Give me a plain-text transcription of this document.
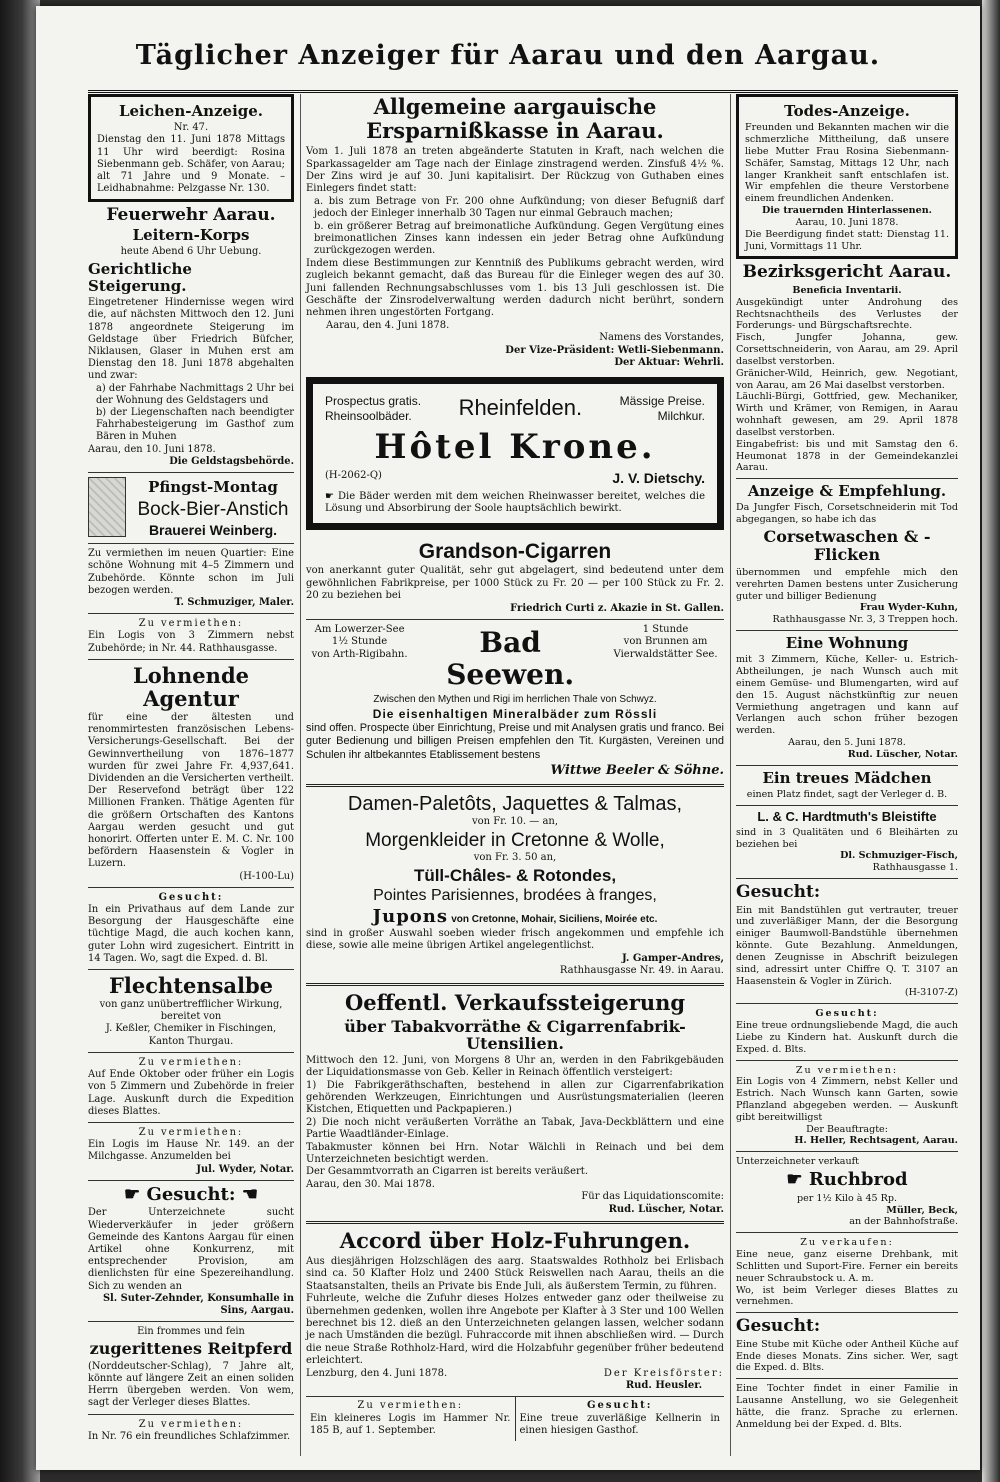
Täglicher Anzeiger für Aarau und den Aargau.
Leichen-Anzeige.

Nr. 47.

Dienstag den 11. Juni 1878 Mittags 11 Uhr wird beerdigt: Rosina Siebenmann geb. Schäfer, von Aarau; alt 71 Jahre und 9 Monate. – Leidhabnahme: Pelzgasse Nr. 130.

Feuerwehr Aarau.
Leitern-Korps

heute Abend 6 Uhr Uebung.

Gerichtliche Steigerung.

Eingetretener Hindernisse wegen wird die, auf nächsten Mittwoch den 12. Juni 1878 angeordnete Steigerung im Geldstage über Friedrich Büfcher, Niklausen, Glaser in Muhen erst am Dienstag den 18. Juni 1878 abgehalten und zwar:

a) der Fahrhabe Nachmittags 2 Uhr bei der Wohnung des Geldstagers und

b) der Liegenschaften nach beendigter Fahrhabesteigerung im Gasthof zum Bären in Muhen

Aarau, den 10. Juni 1878.

Die Geldstagsbehörde.

Pfingst-Montag
Bock-Bier-Anstich
Brauerei Weinberg.

Zu vermiethen im neuen Quartier: Eine schöne Wohnung mit 4–5 Zimmern und Zubehörde. Könnte schon im Juli bezogen werden.

T. Schmuziger, Maler.

Zu vermiethen:

Ein Logis von 3 Zimmern nebst Zubehörde; in Nr. 44. Rathhausgasse.

Lohnende Agentur

für eine der ältesten und renommirtesten französischen Lebens-Versicherungs-Gesellschaft. Bei der Gewinnvertheilung von 1876–1877 wurden für zwei Jahre Fr. 4,937,641. Dividenden an die Versicherten vertheilt. Der Reservefond beträgt über 122 Millionen Franken. Thätige Agenten für die größern Ortschaften des Kantons Aargau werden gesucht und gut honorirt. Offerten unter E. M. C. Nr. 100 befördern Haasenstein & Vogler in Luzern.

(H-100-Lu)

Gesucht:

In ein Privathaus auf dem Lande zur Besorgung der Hausgeschäfte eine tüchtige Magd, die auch kochen kann, guter Lohn wird zugesichert. Eintritt in 14 Tagen. Wo, sagt die Exped. d. Bl.

Flechtensalbe

von ganz unübertrefflicher Wirkung, bereitet von

J. Keßler, Chemiker in Fischingen, Kanton Thurgau.

Zu vermiethen:

Auf Ende Oktober oder früher ein Logis von 5 Zimmern und Zubehörde in freier Lage. Auskunft durch die Expedition dieses Blattes.

Zu vermiethen:

Ein Logis im Hause Nr. 149. an der Milchgasse. Anzumelden bei

Jul. Wyder, Notar.

☛ Gesucht: ☚

Der Unterzeichnete sucht Wiederverkäufer in jeder größern Gemeinde des Kantons Aargau für einen Artikel ohne Konkurrenz, mit entsprechender Provision, am dienlichsten für eine Spezereihandlung. Sich zu wenden an

Sl. Suter-Zehnder, Konsumhalle in Sins, Aargau.

Ein frommes und fein

zugerittenes Reitpferd

(Norddeutscher-Schlag), 7 Jahre alt, könnte auf längere Zeit an einen soliden Herrn übergeben werden. Von wem, sagt der Verleger dieses Blattes.

Zu vermiethen:

In Nr. 76 ein freundliches Schlafzimmer.

Allgemeine aargauische Ersparnißkasse in Aarau.

Vom 1. Juli 1878 an treten abgeänderte Statuten in Kraft, nach welchen die Sparkassagelder am Tage nach der Einlage zinstragend werden. Zinsfuß 4½ %. Der Zins wird je auf 30. Juni kapitalisirt. Der Rückzug von Guthaben eines Einlegers findet statt:

a. bis zum Betrage von Fr. 200 ohne Aufkündung; von dieser Befugniß darf jedoch der Einleger innerhalb 30 Tagen nur einmal Gebrauch machen;

b. ein größerer Betrag auf breimonatliche Aufkündung. Gegen Vergütung eines breimonatlichen Zinses kann indessen ein jeder Betrag ohne Aufkündung zurückgezogen werden.

Indem diese Bestimmungen zur Kenntniß des Publikums gebracht werden, wird zugleich bekannt gemacht, daß das Bureau für die Einleger wegen des auf 30. Juni fallenden Rechnungsabschlusses vom 1. bis 13 Juli geschlossen ist. Die Geschäfte der Zinsrodelverwaltung werden dadurch nicht berührt, sondern nehmen ihren ungestörten Fortgang.

Aarau, den 4. Juni 1878.

Namens des Vorstandes,

Der Vize-Präsident: Wetli-Siebenmann.

Der Aktuar: Wehrli.

Prospectus gratis.
Rheinsoolbäder.	Rheinfelden.	Mässige Preise.
Milchkur.
Hôtel Krone.
(H-2062-Q)	J. V. Dietschy.

☛ Die Bäder werden mit dem weichen Rheinwasser bereitet, welches die Lösung und Absorbirung der Soole hauptsächlich bewirkt.

Grandson-Cigarren

von anerkannt guter Qualität, sehr gut abgelagert, sind bedeutend unter dem gewöhnlichen Fabrikpreise, per 1000 Stück zu Fr. 20 — per 100 Stück zu Fr. 2. 20 zu beziehen bei

Friedrich Curti z. Akazie in St. Gallen.

Am Lowerzer-See
1½ Stunde
von Arth-Rigibahn.	Bad Seewen.
1 Stunde
von Brunnen am
Vierwaldstätter See.

Zwischen den Mythen und Rigi im herrlichen Thale von Schwyz.

Die eisenhaltigen Mineralbäder zum Rössli

sind offen. Prospecte über Einrichtung, Preise und mit Analysen gratis und franco. Bei guter Bedienung und billigen Preisen empfehlen den Tit. Kurgästen, Vereinen und Schulen ihr altbekanntes Etablissement bestens

Wittwe Beeler & Söhne.

Damen-Paletôts, Jaquettes & Talmas,

von Fr. 10. — an,

Morgenkleider in Cretonne & Wolle,

von Fr. 3. 50 an,

Tüll-Châles- & Rotondes,
Pointes Parisiennes, brodées à franges,

Jupons von Cretonne, Mohair, Siciliens, Moirée etc.

sind in großer Auswahl soeben wieder frisch angekommen und empfehle ich diese, sowie alle meine übrigen Artikel angelegentlichst.

J. Gamper-Andres,

Rathhausgasse Nr. 49. in Aarau.

Oeffentl. Verkaufssteigerung
über Tabakvorräthe & Cigarrenfabrik-Utensilien.

Mittwoch den 12. Juni, von Morgens 8 Uhr an, werden in den Fabrikgebäuden der Liquidationsmasse von Geb. Keller in Reinach öffentlich versteigert:

1) Die Fabrikgeräthschaften, bestehend in allen zur Cigarrenfabrikation gehörenden Werkzeugen, Einrichtungen und Ausrüstungsmaterialien (leeren Kistchen, Etiquetten und Packpapieren.)

2) Die noch nicht veräußerten Vorräthe an Tabak, Java-Deckblättern und eine Partie Waadtländer-Einlage.

Tabakmuster können bei Hrn. Notar Wälchli in Reinach und bei dem Unterzeichneten besichtigt werden.

Der Gesammtvorrath an Cigarren ist bereits veräußert.

Aarau, den 30. Mai 1878.

Für das Liquidationscomite:

Rud. Lüscher, Notar.

Accord über Holz-Fuhrungen.

Aus diesjährigen Holzschlägen des aarg. Staatswaldes Rothholz bei Erlisbach sind ca. 50 Klafter Holz und 2400 Stück Reiswellen nach Aarau, theils an die Staatsanstalten, theils an Private bis Ende Juli, als äußerstem Termin, zu führen.

Fuhrleute, welche die Zufuhr dieses Holzes entweder ganz oder theilweise zu übernehmen gedenken, wollen ihre Angebote per Klafter à 3 Ster und 100 Wellen berechnet bis 12. dieß an den Unterzeichneten gelangen lassen, welcher sodann je nach Umständen die bezügl. Fuhraccorde mit ihnen abschließen wird. — Durch die neue Straße Rothholz-Hard, wird die Holzabfuhr gegenüber früher bedeutend erleichtert.

Lenzburg, den 4. Juni 1878.	Der Kreisförster:
Rud. Heusler.

Zu vermiethen:

Ein kleineres Logis im Hammer Nr. 185 B, auf 1. September.

Gesucht:

Eine treue zuverläßige Kellnerin in einen hiesigen Gasthof.

Todes-Anzeige.

Freunden und Bekannten machen wir die schmerzliche Mittheilung, daß unsere liebe Mutter Frau Rosina Siebenmann-Schäfer, Samstag, Mittags 12 Uhr, nach langer Krankheit sanft entschlafen ist. Wir empfehlen die theure Verstorbene einem freundlichen Andenken.

Die trauernden Hinterlassenen.

Aarau, 10. Juni 1878.

Die Beerdigung findet statt: Dienstag 11. Juni, Vormittags 11 Uhr.

Bezirksgericht Aarau.

Beneficia Inventarii.

Ausgekündigt unter Androhung des Rechtsnachtheils des Verlustes der Forderungs- und Bürgschaftsrechte.

Fisch, Jungfer Johanna, gew. Corsettschneiderin, von Aarau, am 29. April daselbst verstorben.

Gränicher-Wild, Heinrich, gew. Negotiant, von Aarau, am 26 Mai daselbst verstorben.

Läuchli-Bürgi, Gottfried, gew. Mechaniker, Wirth und Krämer, von Remigen, in Aarau wohnhaft gewesen, am 29. April 1878 daselbst verstorben.

Eingabefrist: bis und mit Samstag den 6. Heumonat 1878 in der Gemeindekanzlei Aarau.

Anzeige & Empfehlung.

Da Jungfer Fisch, Corsetschneiderin mit Tod abgegangen, so habe ich das

Corsetwaschen & -Flicken

übernommen und empfehle mich den verehrten Damen bestens unter Zusicherung guter und billiger Bedienung

Frau Wyder-Kuhn,

Rathhausgasse Nr. 3, 3 Treppen hoch.

Eine Wohnung

mit 3 Zimmern, Küche, Keller- u. Estrich-Abtheilungen, je nach Wunsch auch mit einem Gemüse- und Blumengarten, wird auf den 15. August nächstkünftig zur neuen Vermiethung angetragen und kann auf Verlangen auch schon früher bezogen werden.

Aarau, den 5. Juni 1878.

Rud. Lüscher, Notar.

Ein treues Mädchen

einen Platz findet, sagt der Verleger d. B.

L. & C. Hardtmuth's Bleistifte

sind in 3 Qualitäten und 6 Bleihärten zu beziehen bei

Dl. Schmuziger-Fisch,

Rathhausgasse 1.

Gesucht:

Ein mit Bandstühlen gut vertrauter, treuer und zuverläßiger Mann, der die Besorgung einiger Baumwoll-Bandstühle übernehmen könnte. Gute Bezahlung. Anmeldungen, denen Zeugnisse in Abschrift beizulegen sind, adressirt unter Chiffre Q. T. 3107 an Haasenstein & Vogler in Zürich.

(H-3107-Z)

Gesucht:

Eine treue ordnungsliebende Magd, die auch Liebe zu Kindern hat. Auskunft durch die Exped. d. Blts.

Zu vermiethen:

Ein Logis von 4 Zimmern, nebst Keller und Estrich. Nach Wunsch kann Garten, sowie Pflanzland abgegeben werden. — Auskunft gibt bereitwilligst

Der Beauftragte:

H. Heller, Rechtsagent, Aarau.

Unterzeichneter verkauft

☛ Ruchbrod

per 1½ Kilo à 45 Rp.

Müller, Beck,

an der Bahnhofstraße.

Zu verkaufen:

Eine neue, ganz eiserne Drehbank, mit Schlitten und Suport-Fire. Ferner ein bereits neuer Schraubstock u. A. m.

Wo, ist beim Verleger dieses Blattes zu vernehmen.

Gesucht:

Eine Stube mit Küche oder Antheil Küche auf Ende dieses Monats. Zins sicher. Wer, sagt die Exped. d. Blts.

Eine Tochter findet in einer Familie in Lausanne Anstellung, wo sie Gelegenheit hätte, die franz. Sprache zu erlernen. Anmeldung bei der Exped. d. Blts.
